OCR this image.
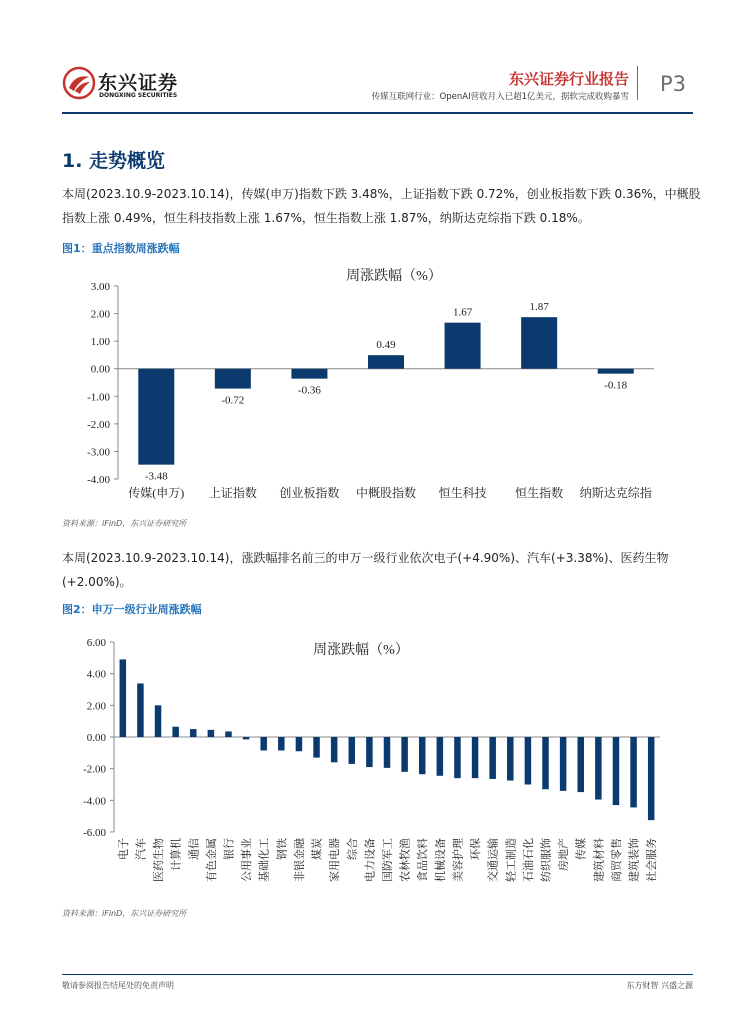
东兴证券
DONGXING SECURITIES
东兴证券行业报告
传媒互联网行业：OpenAI营收月入已超1亿美元，据软完成收购暴雪
P3
1. 走势概览
本周(2023.10.9-2023.10.14)，传媒(申万)指数下跌 3.48%，上证指数下跌 0.72%，创业板指数下跌 0.36%，中概股指数上涨 0.49%，恒生科技指数上涨 1.67%，恒生指数上涨 1.87%，纳斯达克综指下跌 0.18%。
图1：重点指数周涨跌幅
周涨跌幅（%）
3.00
2.00
1.00
0.00
-1.00
-2.00
-3.00
-4.00
传媒(申万) 上证指数 创业板指数 中概股指数 恒生科技 恒生指数 纳斯达克综指
-3.48
-0.72
-0.36
0.49
1.67	1.87
-0.18
资料来源：iFinD，东兴证券研究所
本周(2023.10.9-2023.10.14)，涨跌幅排名前三的申万一级行业依次电子(+4.90%)、汽车(+3.38%)、医药生物(+2.00%)。
图2：申万一级行业周涨跌幅
周涨跌幅（%）
6.00
4.00
2.00
0.00
-2.00
-4.00
-6.00
电子 汽车 医药生物 计算机 通信 有色金属 银行 公用事业 基础化工 钢铁 非银金融 煤炭 家用电器 综合 电力设备 国防军工 农林牧渔 食品饮料 机械设备 美容护理 环保 交通运输 轻工制造 石油石化 纺织服饰 房地产 传媒 建筑材料 商贸零售 建筑装饰 社会服务
资料来源：iFinD，东兴证券研究所
敬请参阅报告结尾处的免责声明	东方财智 兴盛之源
